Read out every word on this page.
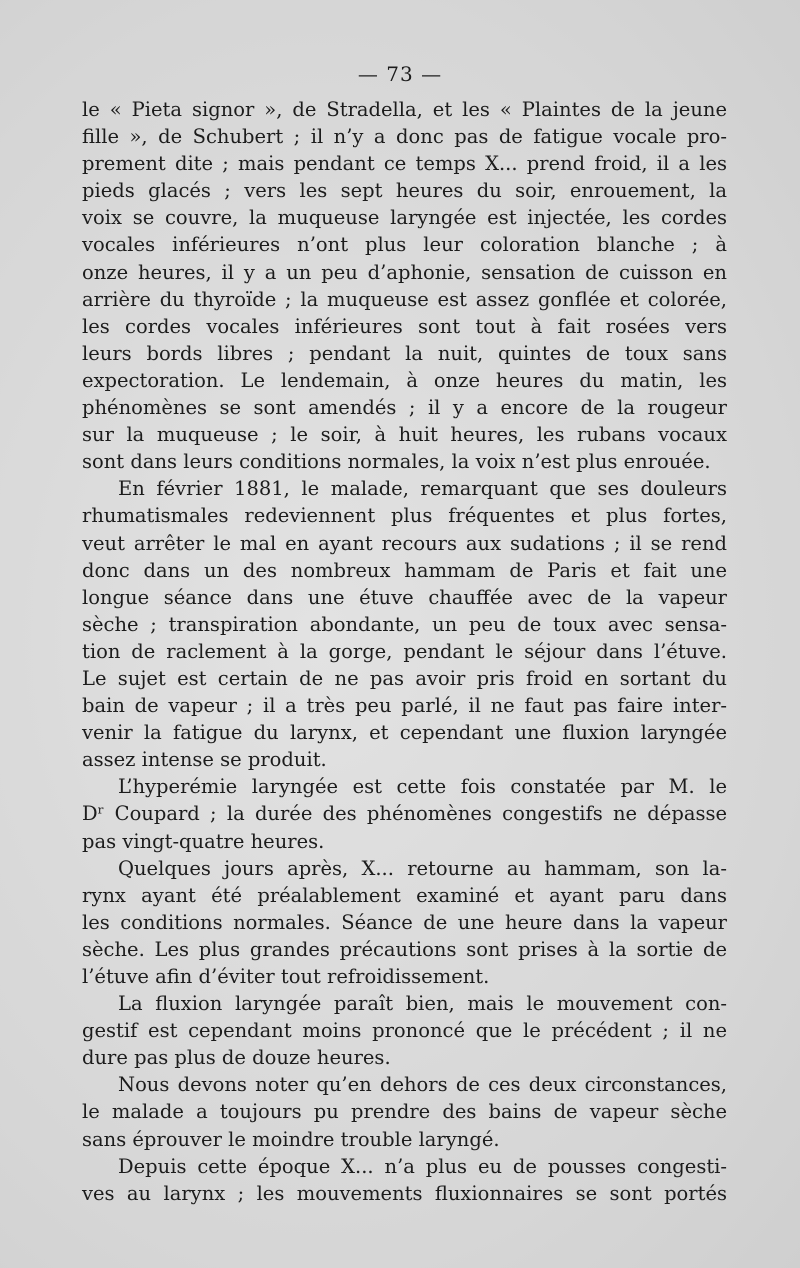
— 73 —

le « Pieta signor », de Stradella, et les « Plaintes de la jeune
fille », de Schubert ; il n’y a donc pas de fatigue vocale pro-
prement dite ; mais pendant ce temps X... prend froid, il a les
pieds glacés ; vers les sept heures du soir, enrouement, la
voix se couvre, la muqueuse laryngée est injectée, les cordes
vocales inférieures n’ont plus leur coloration blanche ; à
onze heures, il y a un peu d’aphonie, sensation de cuisson en
arrière du thyroïde ; la muqueuse est assez gonflée et colorée,
les cordes vocales inférieures sont tout à fait rosées vers
leurs bords libres ; pendant la nuit, quintes de toux sans
expectoration. Le lendemain, à onze heures du matin, les
phénomènes se sont amendés ; il y a encore de la rougeur
sur la muqueuse ; le soir, à huit heures, les rubans vocaux
sont dans leurs conditions normales, la voix n’est plus enrouée.

En février 1881, le malade, remarquant que ses douleurs
rhumatismales redeviennent plus fréquentes et plus fortes,
veut arrêter le mal en ayant recours aux sudations ; il se rend
donc dans un des nombreux hammam de Paris et fait une
longue séance dans une étuve chauffée avec de la vapeur
sèche ; transpiration abondante, un peu de toux avec sensa-
tion de raclement à la gorge, pendant le séjour dans l’étuve.
Le sujet est certain de ne pas avoir pris froid en sortant du
bain de vapeur ; il a très peu parlé, il ne faut pas faire inter-
venir la fatigue du larynx, et cependant une fluxion laryngée
assez intense se produit.

L’hyperémie laryngée est cette fois constatée par M. le
Dʳ Coupard ; la durée des phénomènes congestifs ne dépasse
pas vingt-quatre heures.

Quelques jours après, X... retourne au hammam, son la-
rynx ayant été préalablement examiné et ayant paru dans
les conditions normales. Séance de une heure dans la vapeur
sèche. Les plus grandes précautions sont prises à la sortie de
l’étuve afin d’éviter tout refroidissement.

La fluxion laryngée paraît bien, mais le mouvement con-
gestif est cependant moins prononcé que le précédent ; il ne
dure pas plus de douze heures.

Nous devons noter qu’en dehors de ces deux circonstances,
le malade a toujours pu prendre des bains de vapeur sèche
sans éprouver le moindre trouble laryngé.

Depuis cette époque X... n’a plus eu de pousses congesti-
ves au larynx ; les mouvements fluxionnaires se sont portés
